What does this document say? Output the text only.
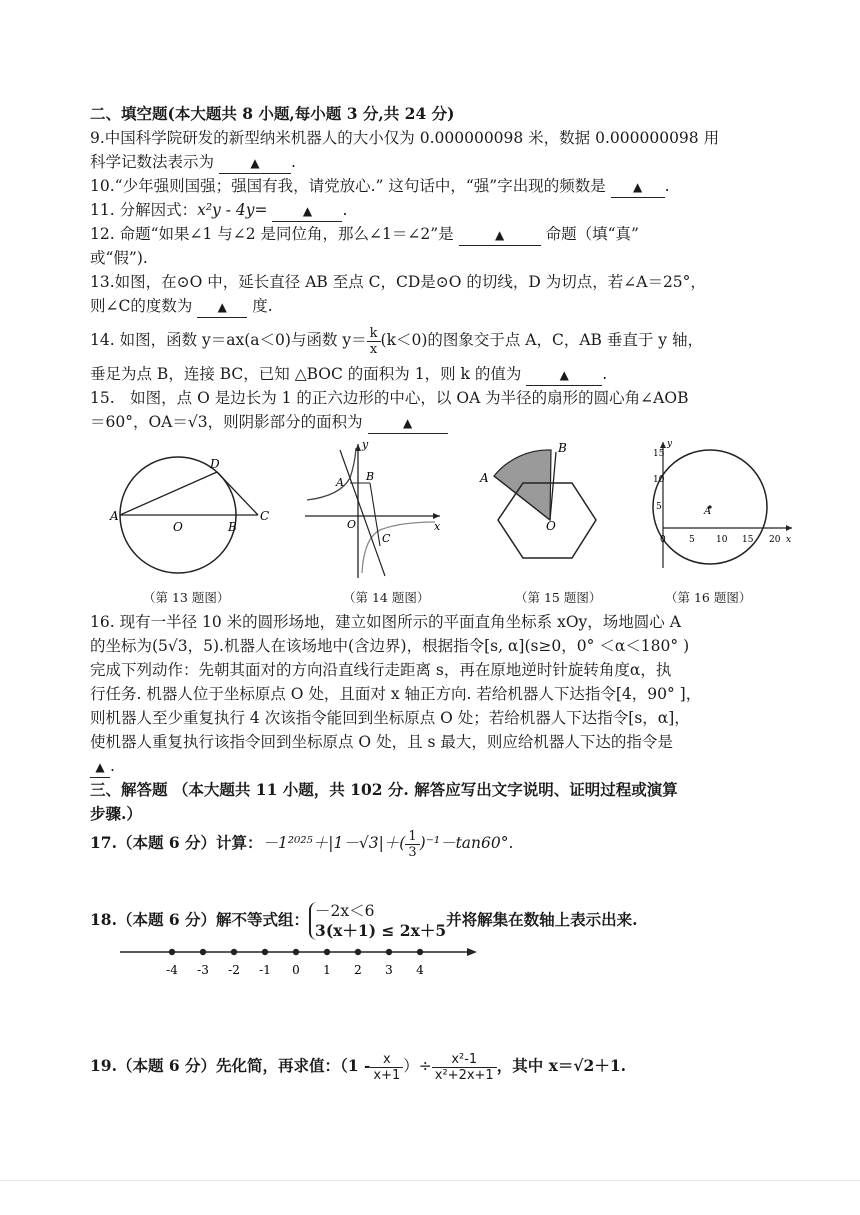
二、填空题(本大题共 8 小题,每小题 3 分,共 24 分)
9.中国科学院研发的新型纳米机器人的大小仅为 0.000000098 米，数据 0.000000098 用
科学记数法表示为	▲ .
10.“少年强则国强；强国有我，请党放心.” 这句话中，“强”字出现的频数是 ▲ .
11. 分解因式：x²y - 4y=	▲ .
12. 命题“如果∠1 与∠2 是同位角，那么∠1＝∠2”是	▲	命题（填“真”
或“假”).
13.如图，在⊙O 中，延长直径 AB 至点 C，CD是⊙O 的切线，D 为切点，若∠A＝25°，
则∠C的度数为 ▲ 度.
14. 如图，函数 y＝ax(a＜0)与函数 $y= \frac{k}{x} (k<0)$的图象交于点 A，C，AB 垂直于 y 轴，
垂足为点 B，连接 BC，已知 △BOC 的面积为 1，则 k 的值为	▲ .
15.　如图，点 O 是边长为 1 的正六边形的中心，以 OA 为半径的扇形的圆心角∠AOB
＝60°，OA＝√3，则阴影部分的面积为	▲
A
O	B
C
D
y
x
A B
O
C
A
B
O
A
15
10
5
0	5 10 15 20 x
y
（第 13 题图）	（第 14 题图）	（第 15 题图）	（第 16 题图）
16. 现有一半径 10 米的圆形场地，建立如图所示的平面直角坐标系 xOy，场地圆心 A
的坐标为(5√3，5).机器人在该场地中(含边界)，根据指令[s, α](s≥0，0° ＜α＜180° )
完成下列动作：先朝其面对的方向沿直线行走距离 s，再在原地逆时针旋转角度α，执
行任务. 机器人位于坐标原点 O 处，且面对 x 轴正方向. 若给机器人下达指令[4，90° ]，
则机器人至少重复执行 4 次该指令能回到坐标原点 O 处；若给机器人下达指令[s，α]，
使机器人重复执行该指令回到坐标原点 O 处，且 s 最大，则应给机器人下达的指令是
▲ .
三、解答题 （本大题共 11 小题，共 102 分. 解答应写出文字说明、证明过程或演算
步骤.）
17.（本题 6 分）计算：$-1^{2025}+|1-√3|+( \frac{1}{3} )^{-1}-\tan 60^\circ$.
18.（本题 6 分）解不等式组： －2x＜6
3(x＋1) ≤ 2x＋5
并将解集在数轴上表示出来.
-4 -3 -2 -1 0 1 2 3 4
19.（本题 6 分）先化简，再求值：（$1 - \frac{x}{x+1}$ ）÷ $\frac{\text{x²-1}}{\text{x²+2x+1}}$ ，其中 x＝√2＋1.
